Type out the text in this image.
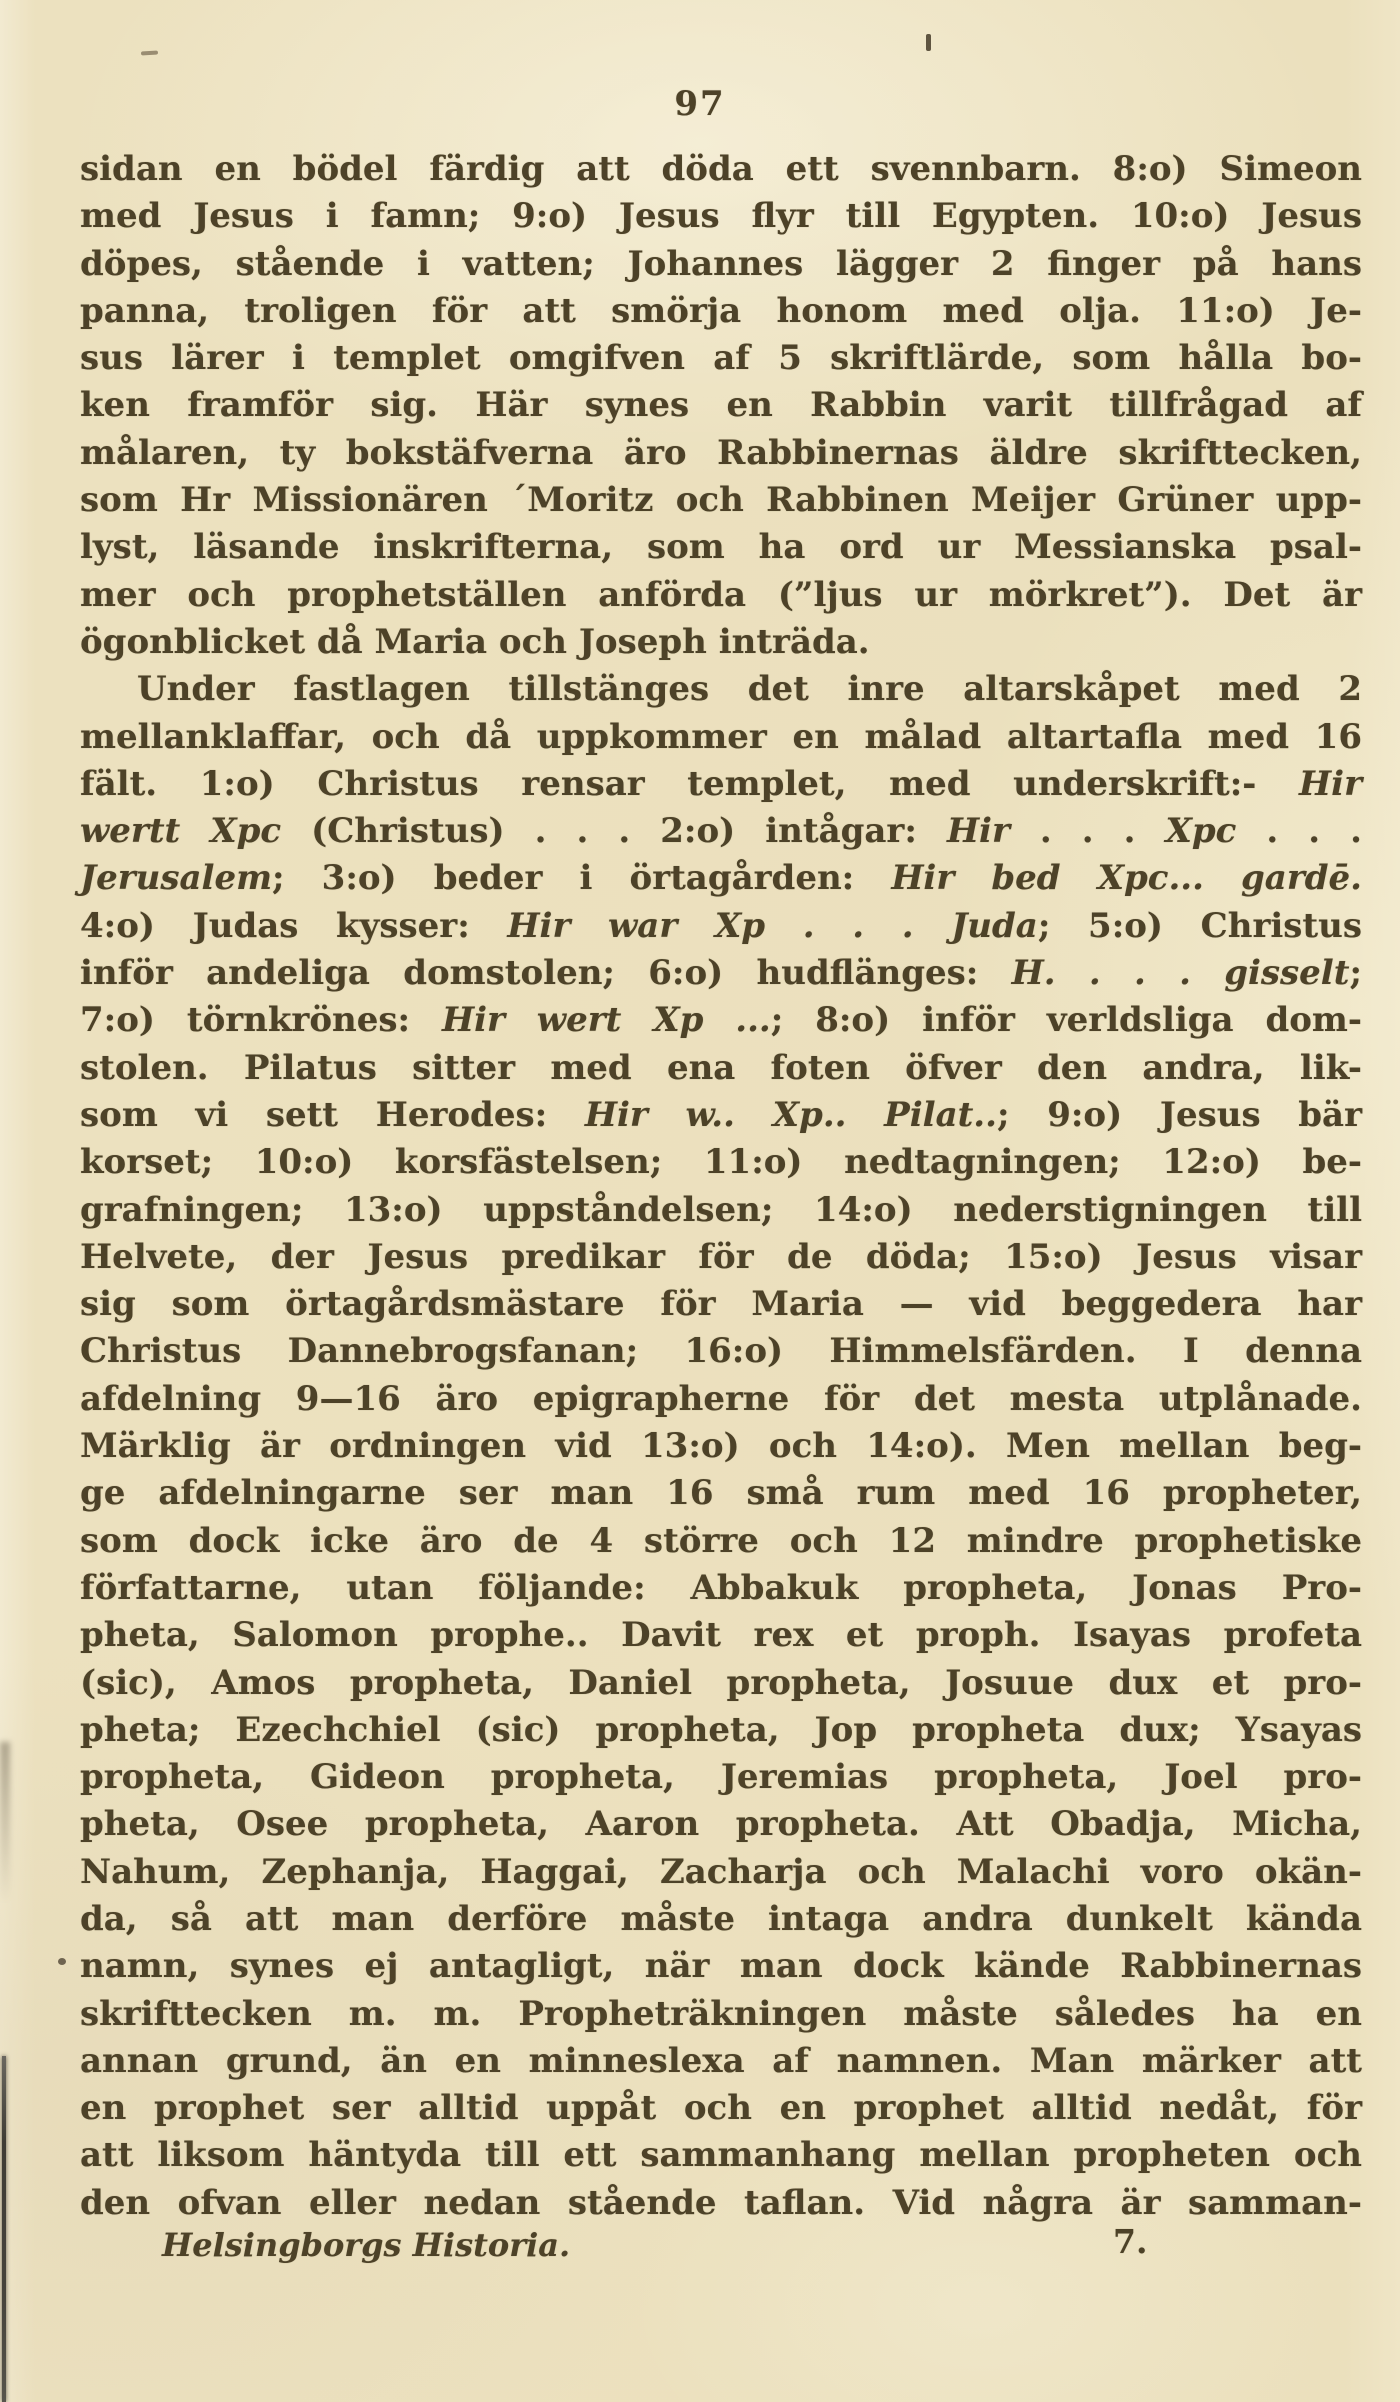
97
sidan en bödel färdig att döda ett svennbarn. 8:o) Simeon
med Jesus i famn; 9:o) Jesus flyr till Egypten. 10:o) Jesus
döpes, stående i vatten; Johannes lägger 2 finger på hans
panna, troligen för att smörja honom med olja. 11:o) Je-
sus lärer i templet omgifven af 5 skriftlärde, som hålla bo-
ken framför sig. Här synes en Rabbin varit tillfrågad af
målaren, ty bokstäfverna äro Rabbinernas äldre skrifttecken,
som Hr Missionären ´Moritz och Rabbinen Meijer Grüner upp-
lyst, läsande inskrifterna, som ha ord ur Messianska psal-
mer och prophetställen anförda (”ljus ur mörkret”). Det är
ögonblicket då Maria och Joseph inträda.
Under fastlagen tillstänges det inre altarskåpet med 2
mellanklaffar, och då uppkommer en målad altartafla med 16
fält. 1:o) Christus rensar templet, med underskrift:- Hir
wertt Xpc (Christus) . . . 2:o) intågar: Hir . . . Xpc . . .
Jerusalem; 3:o) beder i örtagården: Hir bed Xpc... gardē.
4:o) Judas kysser: Hir war Xp . . . Juda; 5:o) Christus
inför andeliga domstolen; 6:o) hudflänges: H. . . . gisselt;
7:o) törnkrönes: Hir wert Xp ...; 8:o) inför verldsliga dom-
stolen. Pilatus sitter med ena foten öfver den andra, lik-
som vi sett Herodes: Hir w.. Xp.. Pilat..; 9:o) Jesus bär
korset; 10:o) korsfästelsen; 11:o) nedtagningen; 12:o) be-
grafningen; 13:o) uppståndelsen; 14:o) nederstigningen till
Helvete, der Jesus predikar för de döda; 15:o) Jesus visar
sig som örtagårdsmästare för Maria — vid beggedera har
Christus Dannebrogsfanan; 16:o) Himmelsfärden. I denna
afdelning 9—16 äro epigrapherne för det mesta utplånade.
Märklig är ordningen vid 13:o) och 14:o). Men mellan beg-
ge afdelningarne ser man 16 små rum med 16 propheter,
som dock icke äro de 4 större och 12 mindre prophetiske
författarne, utan följande: Abbakuk propheta, Jonas Pro-
pheta, Salomon prophe.. Davit rex et proph. Isayas profeta
(sic), Amos propheta, Daniel propheta, Josuue dux et pro-
pheta; Ezechchiel (sic) propheta, Jop propheta dux; Ysayas
propheta, Gideon propheta, Jeremias propheta, Joel pro-
pheta, Osee propheta, Aaron propheta. Att Obadja, Micha,
Nahum, Zephanja, Haggai, Zacharja och Malachi voro okän-
da, så att man derföre måste intaga andra dunkelt kända
namn, synes ej antagligt, när man dock kände Rabbinernas
skrifttecken m. m. Propheträkningen måste således ha en
annan grund, än en minneslexa af namnen. Man märker att
en prophet ser alltid uppåt och en prophet alltid nedåt, för
att liksom häntyda till ett sammanhang mellan propheten och
den ofvan eller nedan stående taflan. Vid några är samman-
Helsingborgs Historia.	7.
